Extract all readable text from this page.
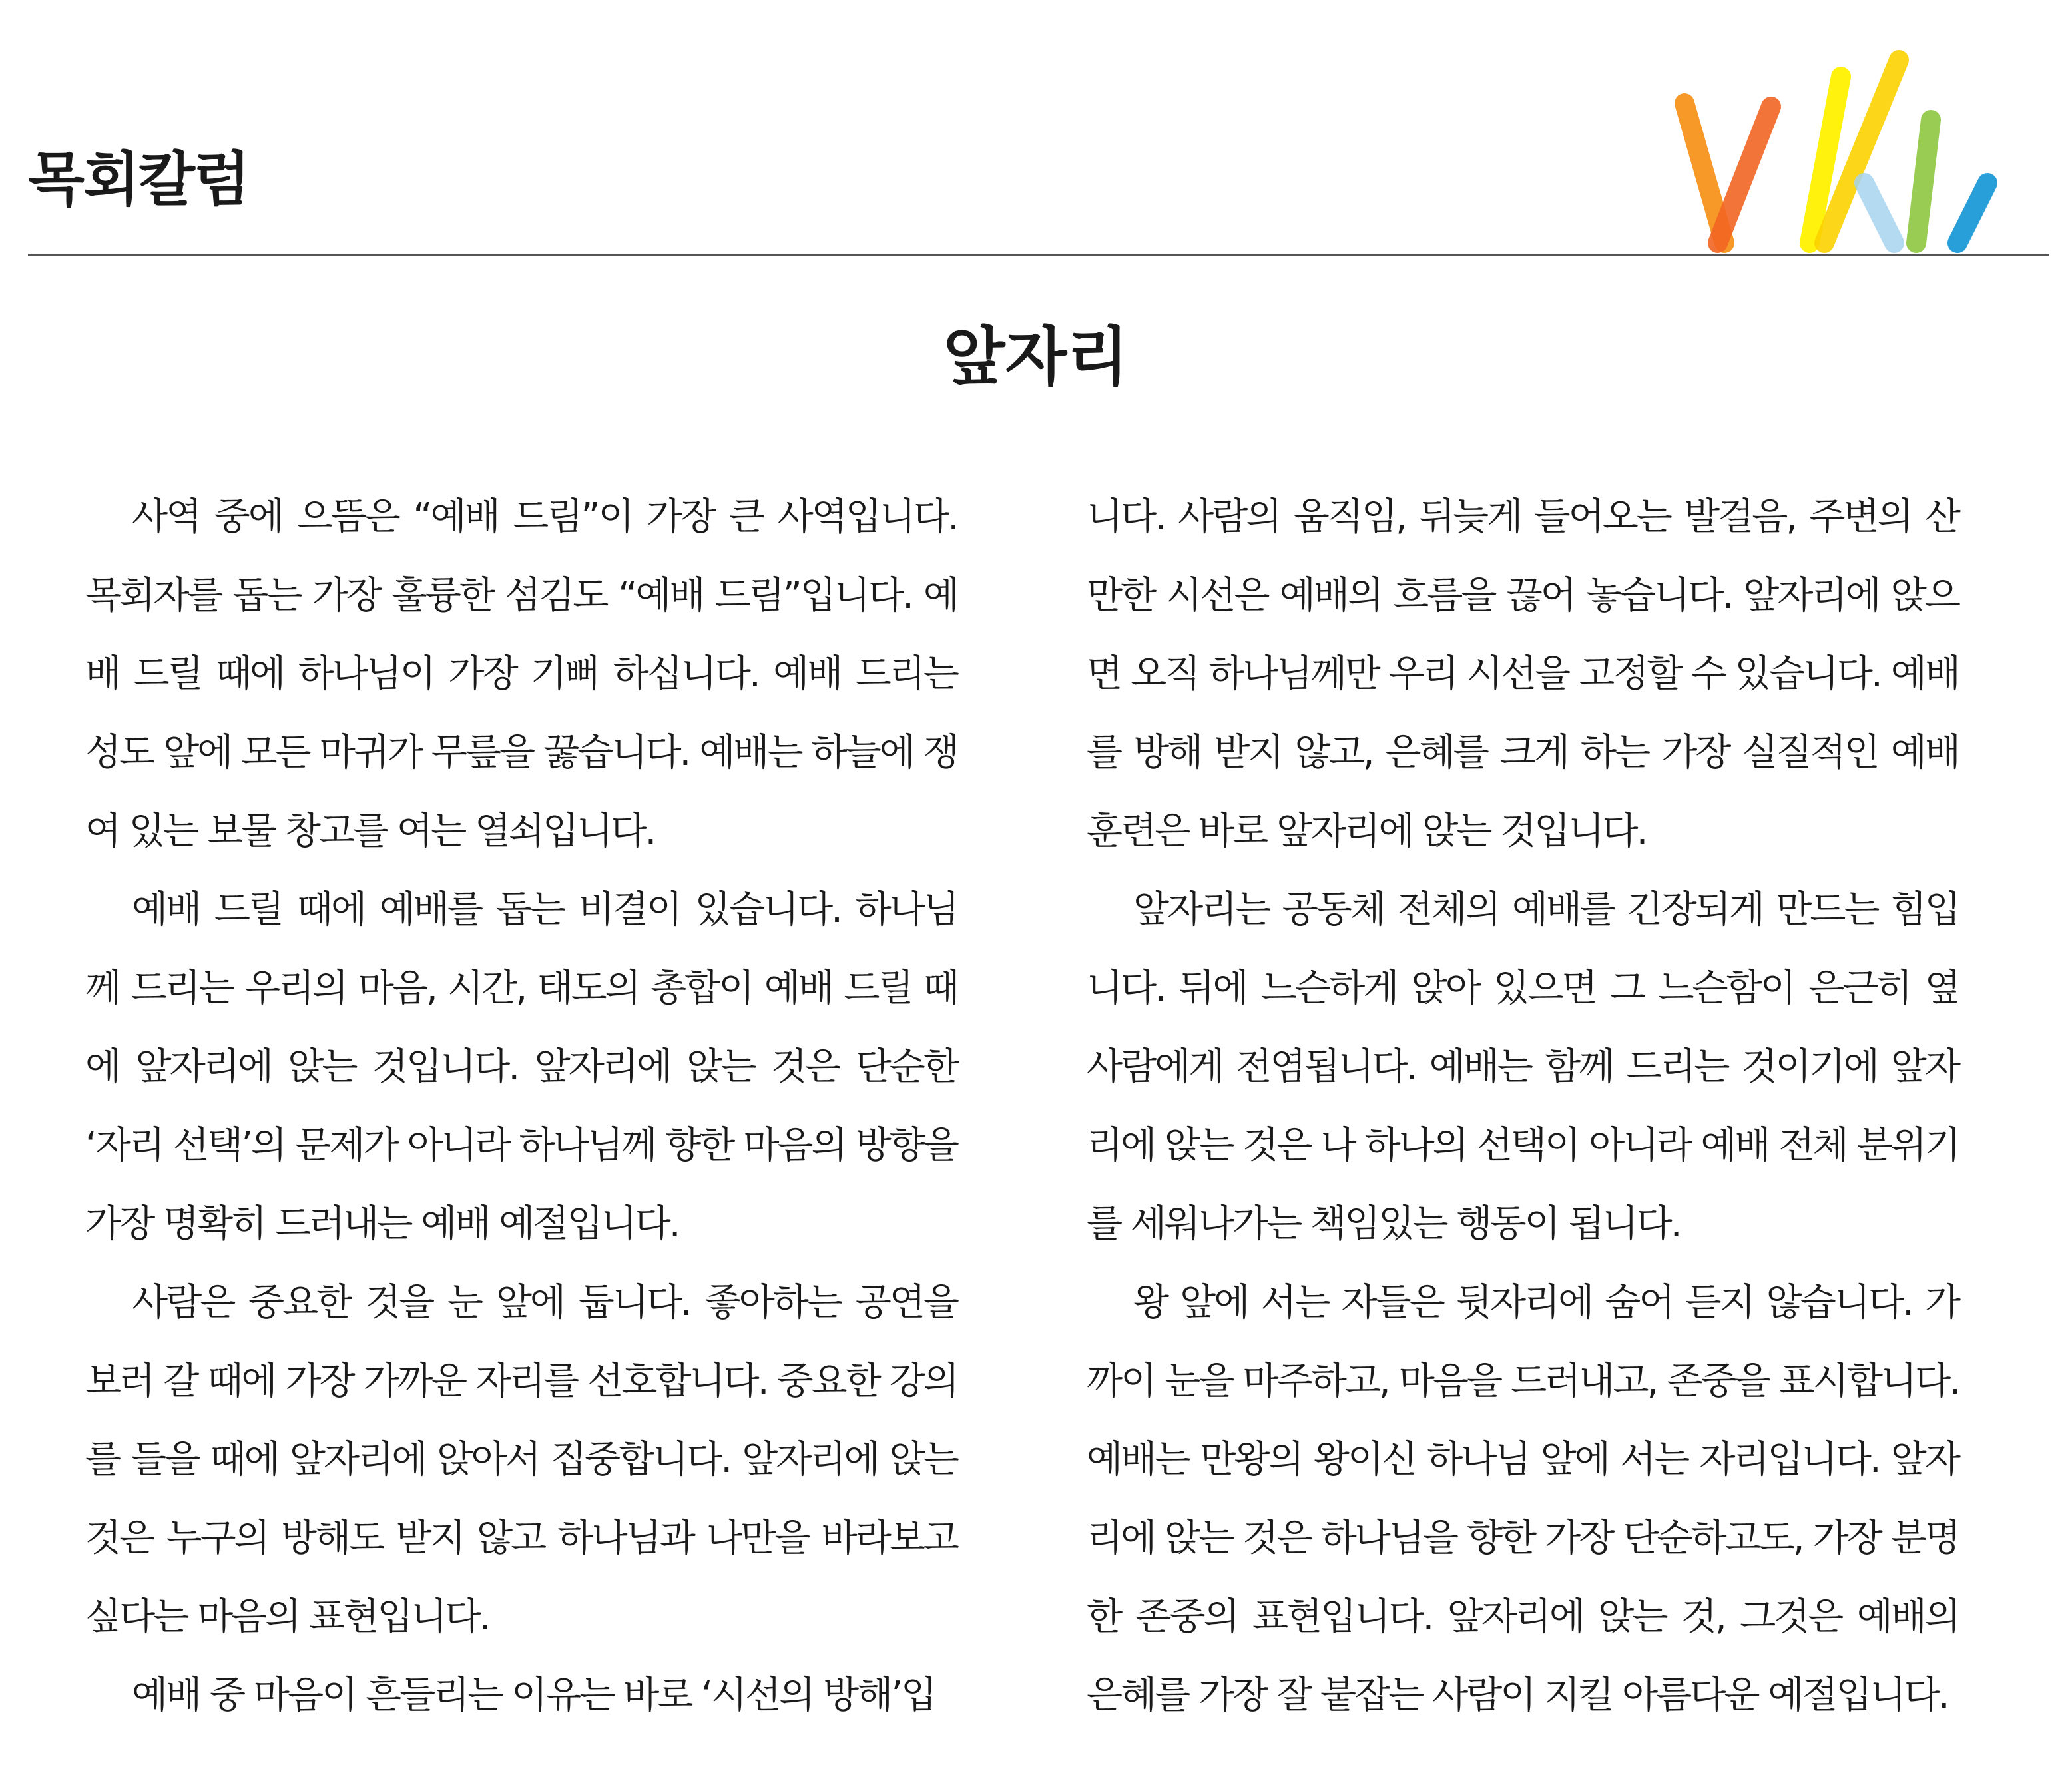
목회칼럼
앞자리

사역 중에 으뜸은 “예배 드림”이 가장 큰 사역입니다. 목회자를 돕는 가장 훌륭한 섬김도 “예배 드림”입니다. 예배 드릴 때에 하나님이 가장 기뻐 하십니다. 예배 드리는 성도 앞에 모든 마귀가 무릎을 꿇습니다. 예배는 하늘에 쟁여 있는 보물 창고를 여는 열쇠입니다.

예배 드릴 때에 예배를 돕는 비결이 있습니다. 하나님께 드리는 우리의 마음, 시간, 태도의 총합이 예배 드릴 때에 앞자리에 앉는 것입니다. 앞자리에 앉는 것은 단순한 ‘자리 선택’의 문제가 아니라 하나님께 향한 마음의 방향을 가장 명확히 드러내는 예배 예절입니다.

사람은 중요한 것을 눈 앞에 둡니다. 좋아하는 공연을 보러 갈 때에 가장 가까운 자리를 선호합니다. 중요한 강의를 들을 때에 앞자리에 앉아서 집중합니다. 앞자리에 앉는 것은 누구의 방해도 받지 않고 하나님과 나만을 바라보고 싶다는 마음의 표현입니다.

예배 중 마음이 흔들리는 이유는 바로 ‘시선의 방해’입

니다. 사람의 움직임, 뒤늦게 들어오는 발걸음, 주변의 산만한 시선은 예배의 흐름을 끊어 놓습니다. 앞자리에 앉으면 오직 하나님께만 우리 시선을 고정할 수 있습니다. 예배를 방해 받지 않고, 은혜를 크게 하는 가장 실질적인 예배 훈련은 바로 앞자리에 앉는 것입니다.

앞자리는 공동체 전체의 예배를 긴장되게 만드는 힘입니다. 뒤에 느슨하게 앉아 있으면 그 느슨함이 은근히 옆 사람에게 전염됩니다. 예배는 함께 드리는 것이기에 앞자리에 앉는 것은 나 하나의 선택이 아니라 예배 전체 분위기를 세워나가는 책임있는 행동이 됩니다.

왕 앞에 서는 자들은 뒷자리에 숨어 듣지 않습니다. 가까이 눈을 마주하고, 마음을 드러내고, 존중을 표시합니다. 예배는 만왕의 왕이신 하나님 앞에 서는 자리입니다. 앞자리에 앉는 것은 하나님을 향한 가장 단순하고도, 가장 분명한 존중의 표현입니다. 앞자리에 앉는 것, 그것은 예배의 은혜를 가장 잘 붙잡는 사람이 지킬 아름다운 예절입니다.
